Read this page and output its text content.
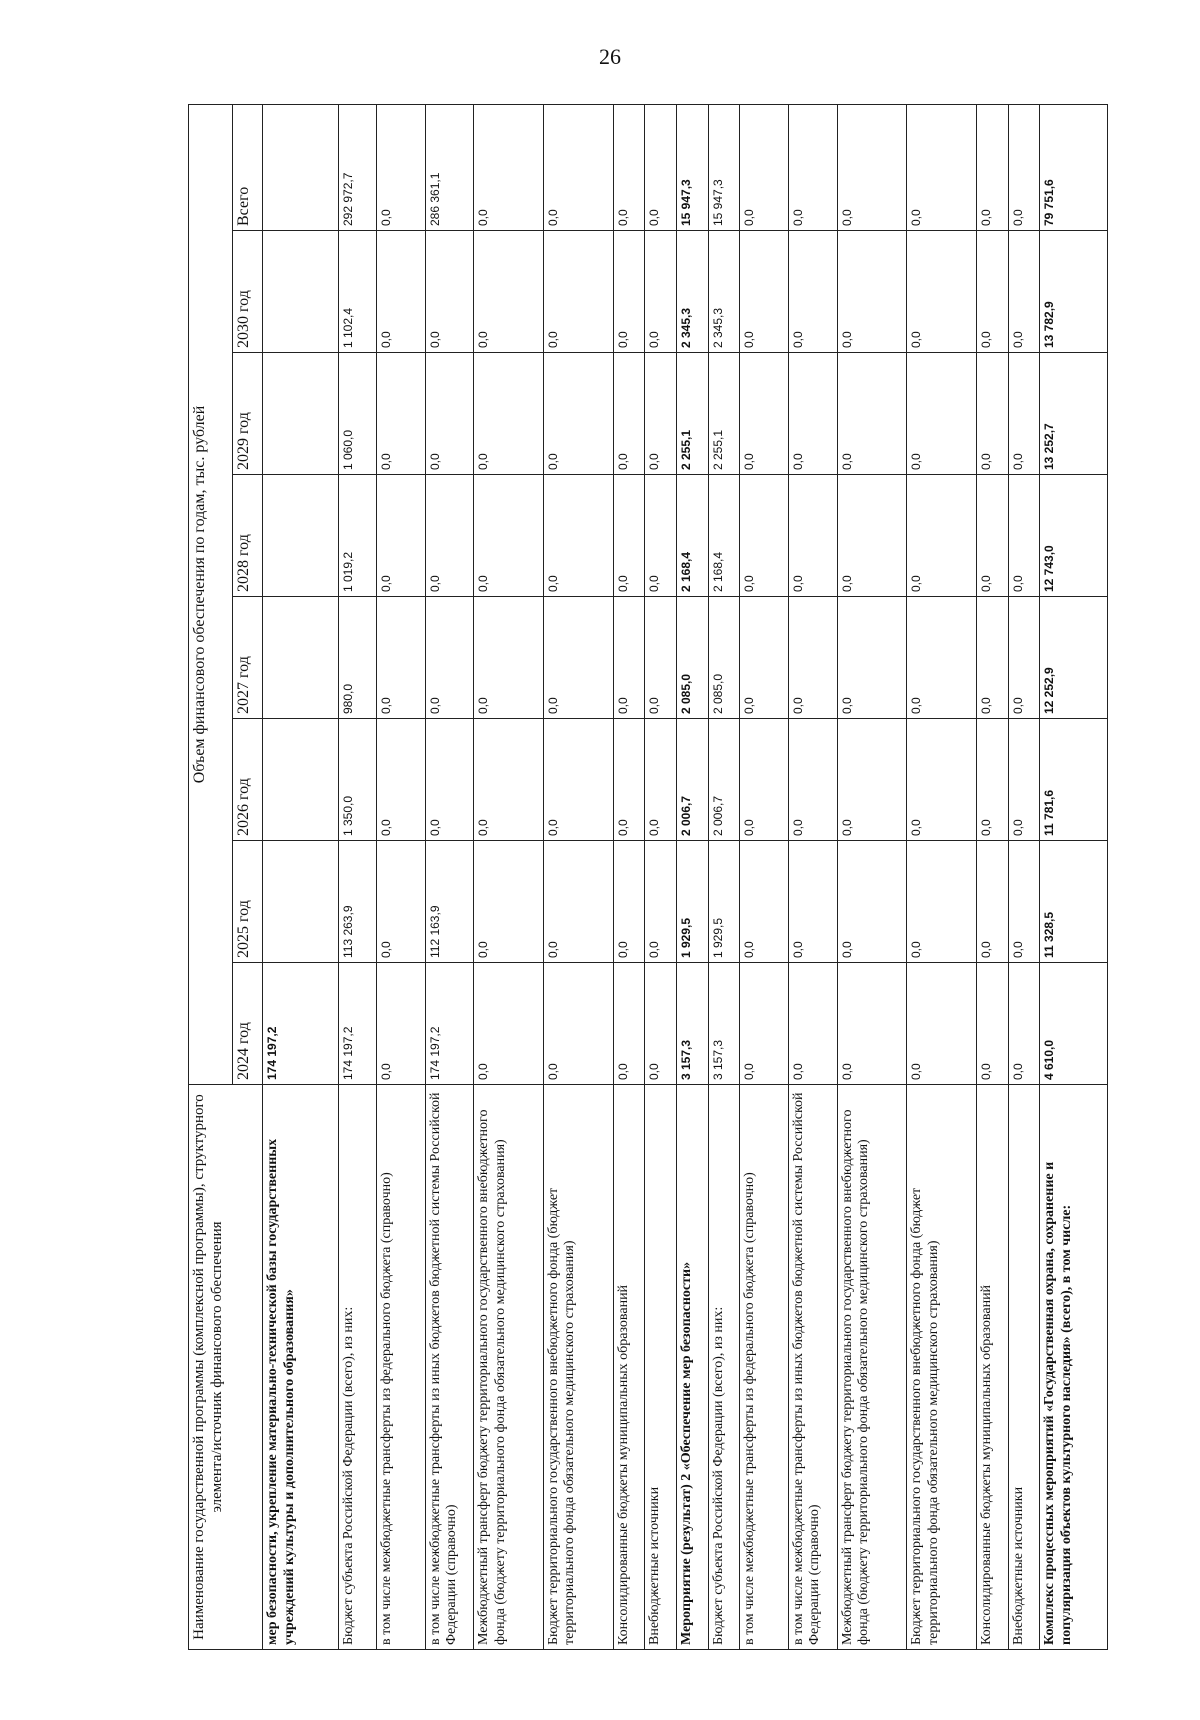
26
Наименование государственной программы (комплексной программы), структурного элемента/источник финансового обеспечения	Объем финансового обеспечения по годам, тыс. рублей							
	2024 год	2025 год	2026 год	2027 год	2028 год	2029 год	2030 год	Всего
мер безопасности, укрепление материально-технической базы государственных учреждений культуры и дополнительного образования»	174 197,2							
Бюджет субъекта Российской Федерации (всего), из них:	174 197,2	113 263,9	1 350,0	980,0	1 019,2	1 060,0	1 102,4	292 972,7
в том числе межбюджетные трансферты из федерального бюджета (справочно)	0,0	0,0	0,0	0,0	0,0	0,0	0,0	0,0
в том числе межбюджетные трансферты из иных бюджетов бюджетной системы Российской Федерации (справочно)	174 197,2	112 163,9	0,0	0,0	0,0	0,0	0,0	286 361,1
Межбюджетный трансферт бюджету территориального государственного внебюджетного фонда (бюджету территориального фонда обязательного медицинского страхования)	0,0	0,0	0,0	0,0	0,0	0,0	0,0	0,0
Бюджет территориального государственного внебюджетного фонда (бюджет территориального фонда обязательного медицинского страхования)	0,0	0,0	0,0	0,0	0,0	0,0	0,0	0,0
Консолидированные бюджеты муниципальных образований	0,0	0,0	0,0	0,0	0,0	0,0	0,0	0,0
Внебюджетные источники	0,0	0,0	0,0	0,0	0,0	0,0	0,0	0,0
Мероприятие (результат) 2 «Обеспечение мер безопасности»	3 157,3	1 929,5	2 006,7	2 085,0	2 168,4	2 255,1	2 345,3	15 947,3
Бюджет субъекта Российской Федерации (всего), из них:	3 157,3	1 929,5	2 006,7	2 085,0	2 168,4	2 255,1	2 345,3	15 947,3
в том числе межбюджетные трансферты из федерального бюджета (справочно)	0,0	0,0	0,0	0,0	0,0	0,0	0,0	0,0
в том числе межбюджетные трансферты из иных бюджетов бюджетной системы Российской Федерации (справочно)	0,0	0,0	0,0	0,0	0,0	0,0	0,0	0,0
Межбюджетный трансферт бюджету территориального государственного внебюджетного фонда (бюджету территориального фонда обязательного медицинского страхования)	0,0	0,0	0,0	0,0	0,0	0,0	0,0	0,0
Бюджет территориального государственного внебюджетного фонда (бюджет территориального фонда обязательного медицинского страхования)	0,0	0,0	0,0	0,0	0,0	0,0	0,0	0,0
Консолидированные бюджеты муниципальных образований	0,0	0,0	0,0	0,0	0,0	0,0	0,0	0,0
Внебюджетные источники	0,0	0,0	0,0	0,0	0,0	0,0	0,0	0,0
Комплекс процессных мероприятий «Государственная охрана, сохранение и популяризация объектов культурного наследия» (всего), в том числе:	4 610,0	11 328,5	11 781,6	12 252,9	12 743,0	13 252,7	13 782,9	79 751,6
